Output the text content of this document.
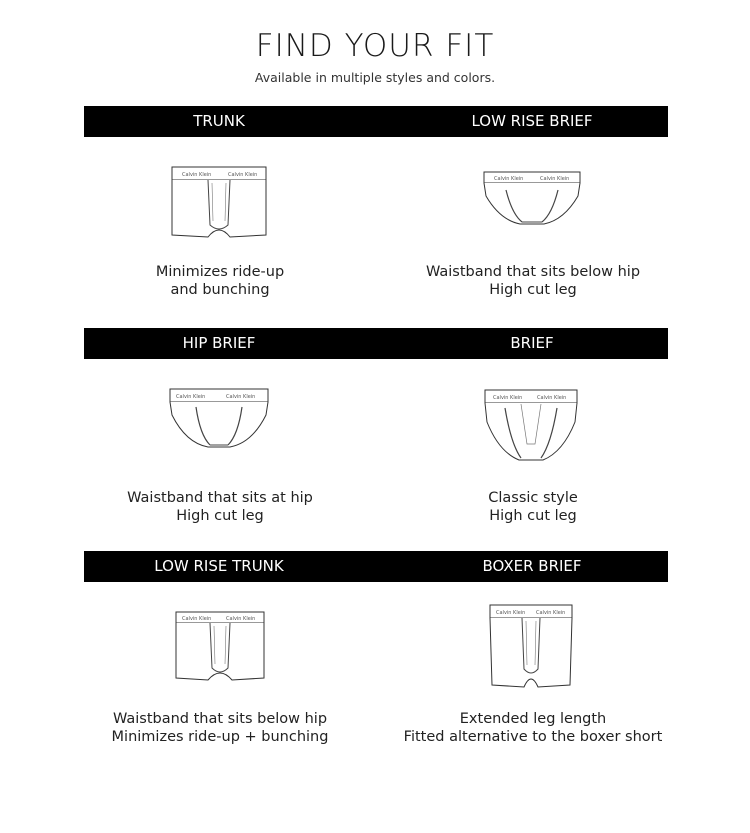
FIND YOUR FIT
Available in multiple styles and colors.
TRUNK	LOW RISE BRIEF
Calvin Klein	Calvin Klein
Calvin Klein	Calvin Klein
Minimizes ride-up
and bunching
Waistband that sits below hip
High cut leg
HIP BRIEF	BRIEF
Calvin Klein	Calvin Klein	Calvin Klein	Calvin Klein
Waistband that sits at hip
High cut leg
Classic style
High cut leg
LOW RISE TRUNK	BOXER BRIEF
Calvin Klein	Calvin Klein
Calvin Klein Calvin Klein
Waistband that sits below hip
Minimizes ride-up + bunching
Extended leg length
Fitted alternative to the boxer short
